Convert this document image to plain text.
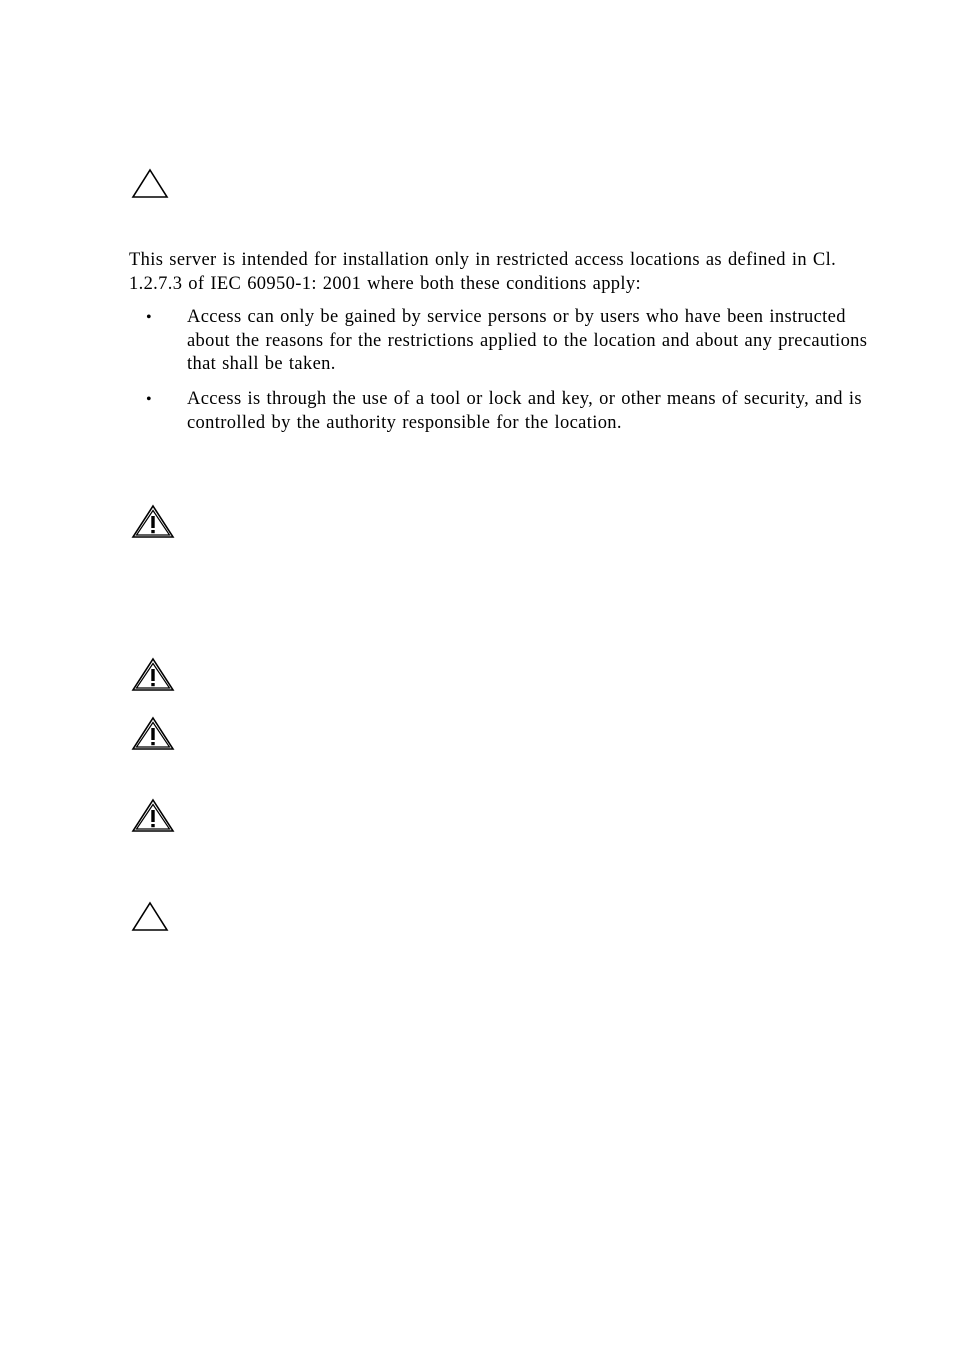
This server is intended for installation only in restricted access locations as defined in Cl. 1.2.7.3 of IEC 60950-1: 2001 where both these conditions apply:

• Access can only be gained by service persons or by users who have been instructed about the reasons for the restrictions applied to the location and about any precautions that shall be taken.

• Access is through the use of a tool or lock and key, or other means of security, and is controlled by the authority responsible for the location.
